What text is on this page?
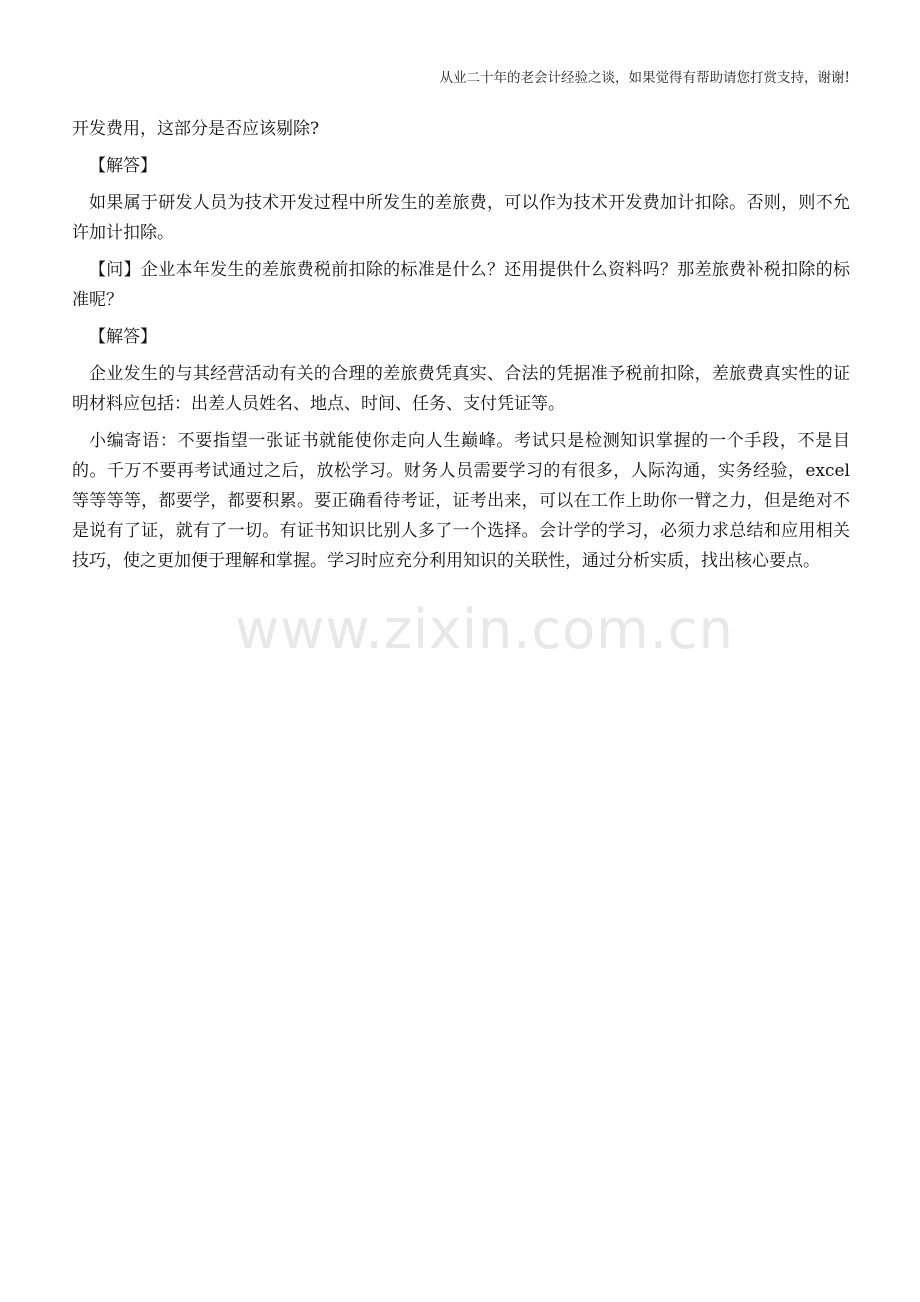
从业二十年的老会计经验之谈，如果觉得有帮助请您打赏支持，谢谢!

开发费用，这部分是否应该剔除?

【解答】

如果属于研发人员为技术开发过程中所发生的差旅费，可以作为技术开发费加计扣除。否则，则不允许加计扣除。

【问】企业本年发生的差旅费税前扣除的标准是什么？还用提供什么资料吗？那差旅费补税扣除的标准呢？

【解答】

企业发生的与其经营活动有关的合理的差旅费凭真实、合法的凭据准予税前扣除，差旅费真实性的证明材料应包括：出差人员姓名、地点、时间、任务、支付凭证等。

小编寄语：不要指望一张证书就能使你走向人生巅峰。考试只是检测知识掌握的一个手段，不是目的。千万不要再考试通过之后，放松学习。财务人员需要学习的有很多，人际沟通，实务经验，excel 等等等等，都要学，都要积累。要正确看待考证，证考出来，可以在工作上助你一臂之力，但是绝对不是说有了证，就有了一切。有证书知识比别人多了一个选择。会计学的学习，必须力求总结和应用相关技巧，使之更加便于理解和掌握。学习时应充分利用知识的关联性，通过分析实质，找出核心要点。

www.zixin.com.cn
